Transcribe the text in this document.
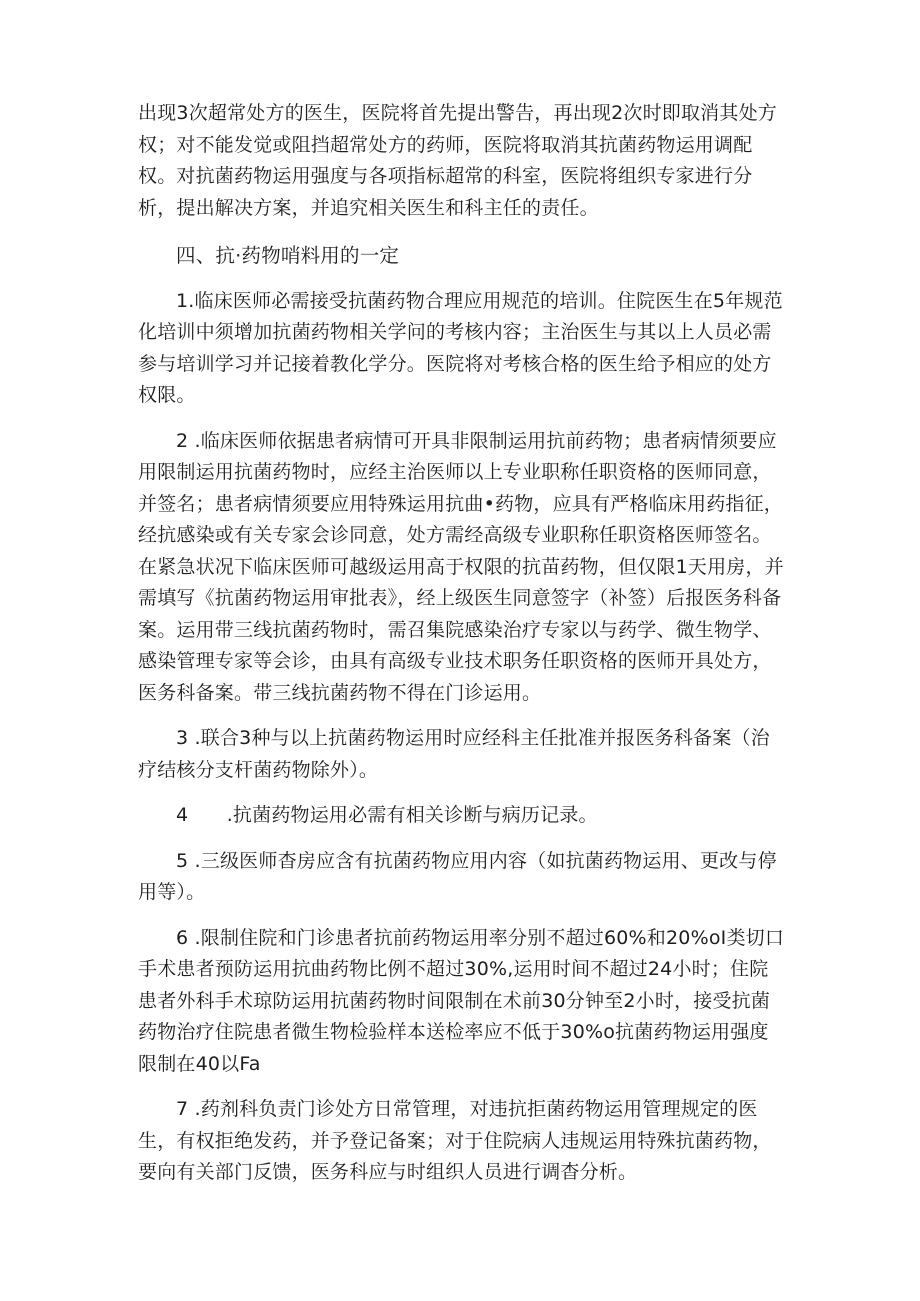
出现3次超常处方的医生，医院将首先提出警告，再出现2次时即取消其处方权；对不能发觉或阻挡超常处方的药师，医院将取消其抗菌药物运用调配权。对抗菌药物运用强度与各项指标超常的科室，医院将组织专家进行分析，提出解决方案，并追究相关医生和科主任的责任。

四、抗·药物哨料用的一定

1.临床医师必需接受抗菌药物合理应用规范的培训。住院医生在5年规范化培训中须增加抗菌药物相关学问的考核内容；主治医生与其以上人员必需参与培训学习并记接着教化学分。医院将对考核合格的医生给予相应的处方权限。

2 .临床医师依据患者病情可开具非限制运用抗前药物；患者病情须要应用限制运用抗菌药物时，应经主治医师以上专业职称任职资格的医师同意，并签名；患者病情须要应用特殊运用抗曲•药物，应具有严格临床用药指征，经抗感染或有关专家会诊同意，处方需经高级专业职称任职资格医师签名。在紧急状况下临床医师可越级运用高于权限的抗苗药物，但仅限1天用房，并需填写《抗菌药物运用审批表》，经上级医生同意签字（补签）后报医务科备案。运用带三线抗菌药物时，需召集院感染治疗专家以与药学、微生物学、感染管理专家等会诊，由具有高级专业技术职务任职资格的医师开具处方，医务科备案。带三线抗菌药物不得在门诊运用。

3 .联合3种与以上抗菌药物运用时应经科主任批准并报医务科备案（治疗结核分支杆菌药物除外）。

4　　.抗菌药物运用必需有相关诊断与病历记录。

5 .三级医师杳房应含有抗菌药物应用内容（如抗菌药物运用、更改与停用等）。

6 .限制住院和门诊患者抗前药物运用率分别不超过60%和20%oI类切口手术患者预防运用抗曲药物比例不超过30%,运用时间不超过24小时；住院患者外科手术琼防运用抗菌药物时间限制在术前30分钟至2小时，接受抗菌药物治疗住院患者微生物检验样本送检率应不低于30%o抗菌药物运用强度限制在40以Fa

7 .药剂科负责门诊处方日常管理，对违抗拒菌药物运用管理规定的医生，有权拒绝发药，并予登记备案；对于住院病人违规运用特殊抗菌药物，要向有关部门反馈，医务科应与时组织人员进行调杳分析。
